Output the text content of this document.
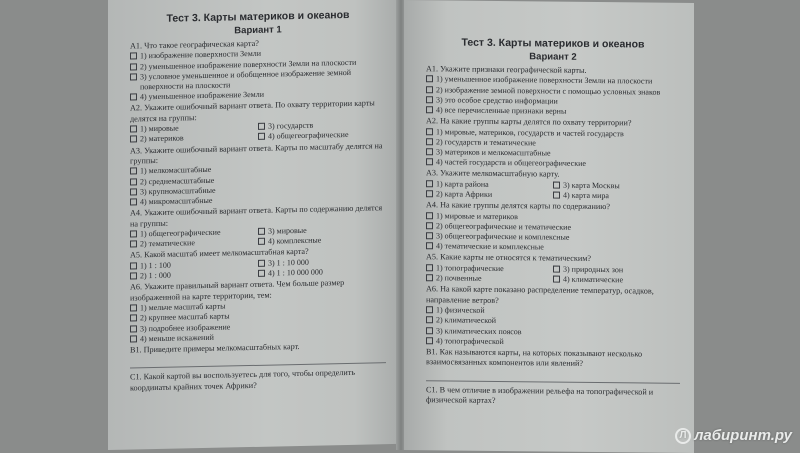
Тест 3. Карты материков и океанов

Вариант 1

А1. Что такое географическая карта?

1) изображение поверхности Земли
2) уменьшенное изображение поверхности Земли на плоскости
3) условное уменьшенное и обобщенное изображение земной поверхности на плоскости
4) уменьшенное изображение Земли

А2. Укажите ошибочный вариант ответа. По охвату территории карты делятся на группы:

1) мировые	3) государств
2) материков	4) общегеографические

А3. Укажите ошибочный вариант ответа. Карты по масштабу делятся на группы:

1) мелкомасштабные
2) среднемасштабные
3) крупномасштабные
4) микромасштабные

А4. Укажите ошибочный вариант ответа. Карты по содержанию делятся на группы:

1) общегеографические	3) мировые
2) тематические	4) комплексные

А5. Какой масштаб имеет мелкомасштабная карта?

1) 1 : 100	3) 1 : 10 000
2) 1 : 000	4) 1 : 10 000 000

А6. Укажите правильный вариант ответа. Чем больше размер изображенной на карте территории, тем:

1) мельче масштаб карты
2) крупнее масштаб карты
3) подробнее изображение
4) меньше искажений

В1. Приведите примеры мелкомасштабных карт.

С1. Какой картой вы воспользуетесь для того, чтобы определить координаты крайних точек Африки?

Тест 3. Карты материков и океанов

Вариант 2

А1. Укажите признаки географической карты.

1) уменьшенное изображение поверхности Земли на плоскости
2) изображение земной поверхности с помощью условных знаков
3) это особое средство информации
4) все перечисленные признаки верны

А2. На какие группы карты делятся по охвату территории?

1) мировые, материков, государств и частей государств
2) государств и тематические
3) материков и мелкомасштабные
4) частей государств и общегеографические

А3. Укажите мелкомасштабную карту.

1) карта района	3) карта Москвы
2) карта Африки	4) карта мира

А4. На какие группы делятся карты по содержанию?

1) мировые и материков
2) общегеографические и тематические
3) общегеографические и комплексные
4) тематические и комплексные

А5. Какие карты не относятся к тематическим?

1) топографические	3) природных зон
2) почвенные	4) климатические

А6. На какой карте показано распределение температур, осадков, направление ветров?

1) физической
2) климатической
3) климатических поясов
4) топографической

В1. Как называются карты, на которых показывают несколько взаимосвязанных компонентов или явлений?

С1. В чем отличие в изображении рельефа на топографической и физической картах?

Л лабиринт.ру
